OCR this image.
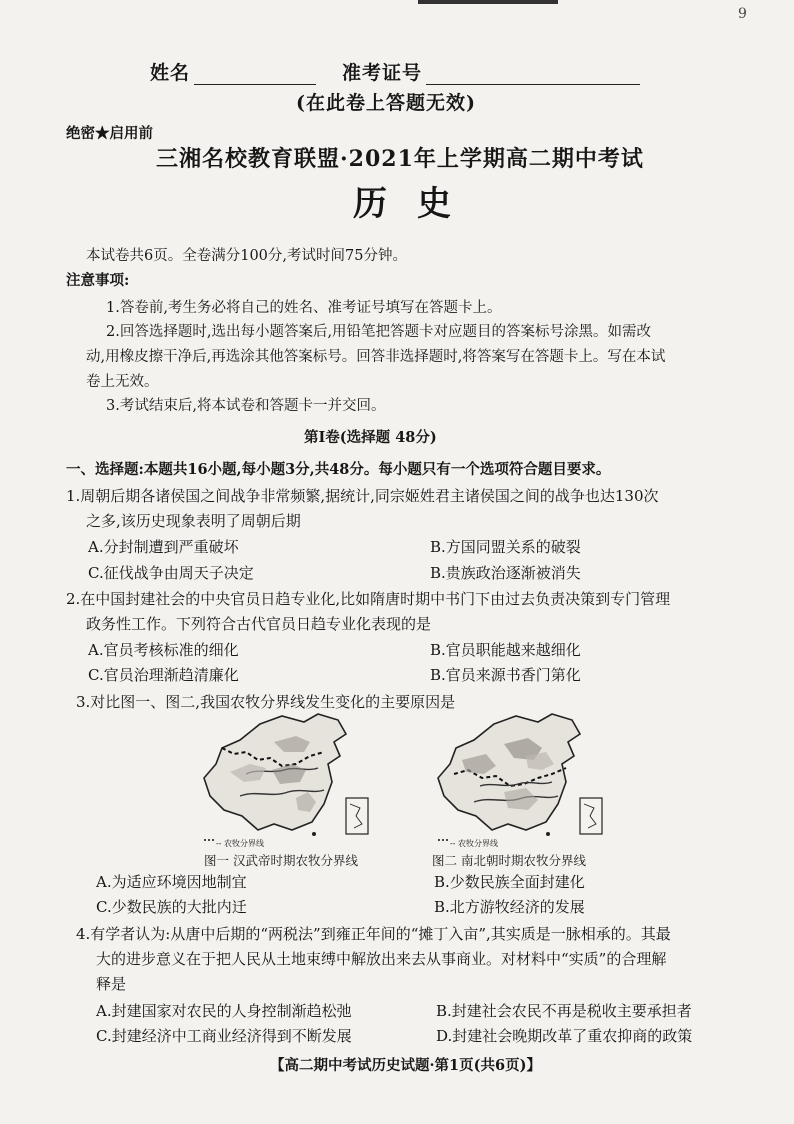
9
姓名	准考证号
(在此卷上答题无效)
绝密★启用前
三湘名校教育联盟·2021年上学期高二期中考试
历史
本试卷共6页。全卷满分100分,考试时间75分钟。
注意事项:
1.答卷前,考生务必将自己的姓名、准考证号填写在答题卡上。
2.回答选择题时,选出每小题答案后,用铅笔把答题卡对应题目的答案标号涂黑。如需改
动,用橡皮擦干净后,再选涂其他答案标号。回答非选择题时,将答案写在答题卡上。写在本试
卷上无效。
3.考试结束后,将本试卷和答题卡一并交回。
第Ⅰ卷(选择题 48分)
一、选择题:本题共16小题,每小题3分,共48分。每小题只有一个选项符合题目要求。
1.周朝后期各诸侯国之间战争非常频繁,据统计,同宗姬姓君主诸侯国之间的战争也达130次
之多,该历史现象表明了周朝后期
A.分封制遭到严重破坏	B.方国同盟关系的破裂
C.征伐战争由周天子决定	B.贵族政治逐渐被消失
2.在中国封建社会的中央官员日趋专业化,比如隋唐时期中书门下由过去负责决策到专门管理
政务性工作。下列符合古代官员日趋专业化表现的是
A.官员考核标准的细化	B.官员职能越来越细化
C.官员治理渐趋清廉化	B.官员来源书香门第化
3.对比图一、图二,我国农牧分界线发生变化的主要原因是
-- 农牧分界线
图一 汉武帝时期农牧分界线
-- 农牧分界线
图二 南北朝时期农牧分界线
A.为适应环境因地制宜	B.少数民族全面封建化
C.少数民族的大批内迁	B.北方游牧经济的发展
4.有学者认为:从唐中后期的“两税法”到雍正年间的“摊丁入亩”,其实质是一脉相承的。其最
大的进步意义在于把人民从土地束缚中解放出来去从事商业。对材料中“实质”的合理解
释是
A.封建国家对农民的人身控制渐趋松弛	B.封建社会农民不再是税收主要承担者
C.封建经济中工商业经济得到不断发展	D.封建社会晚期改革了重农抑商的政策
【高二期中考试历史试题·第1页(共6页)】
